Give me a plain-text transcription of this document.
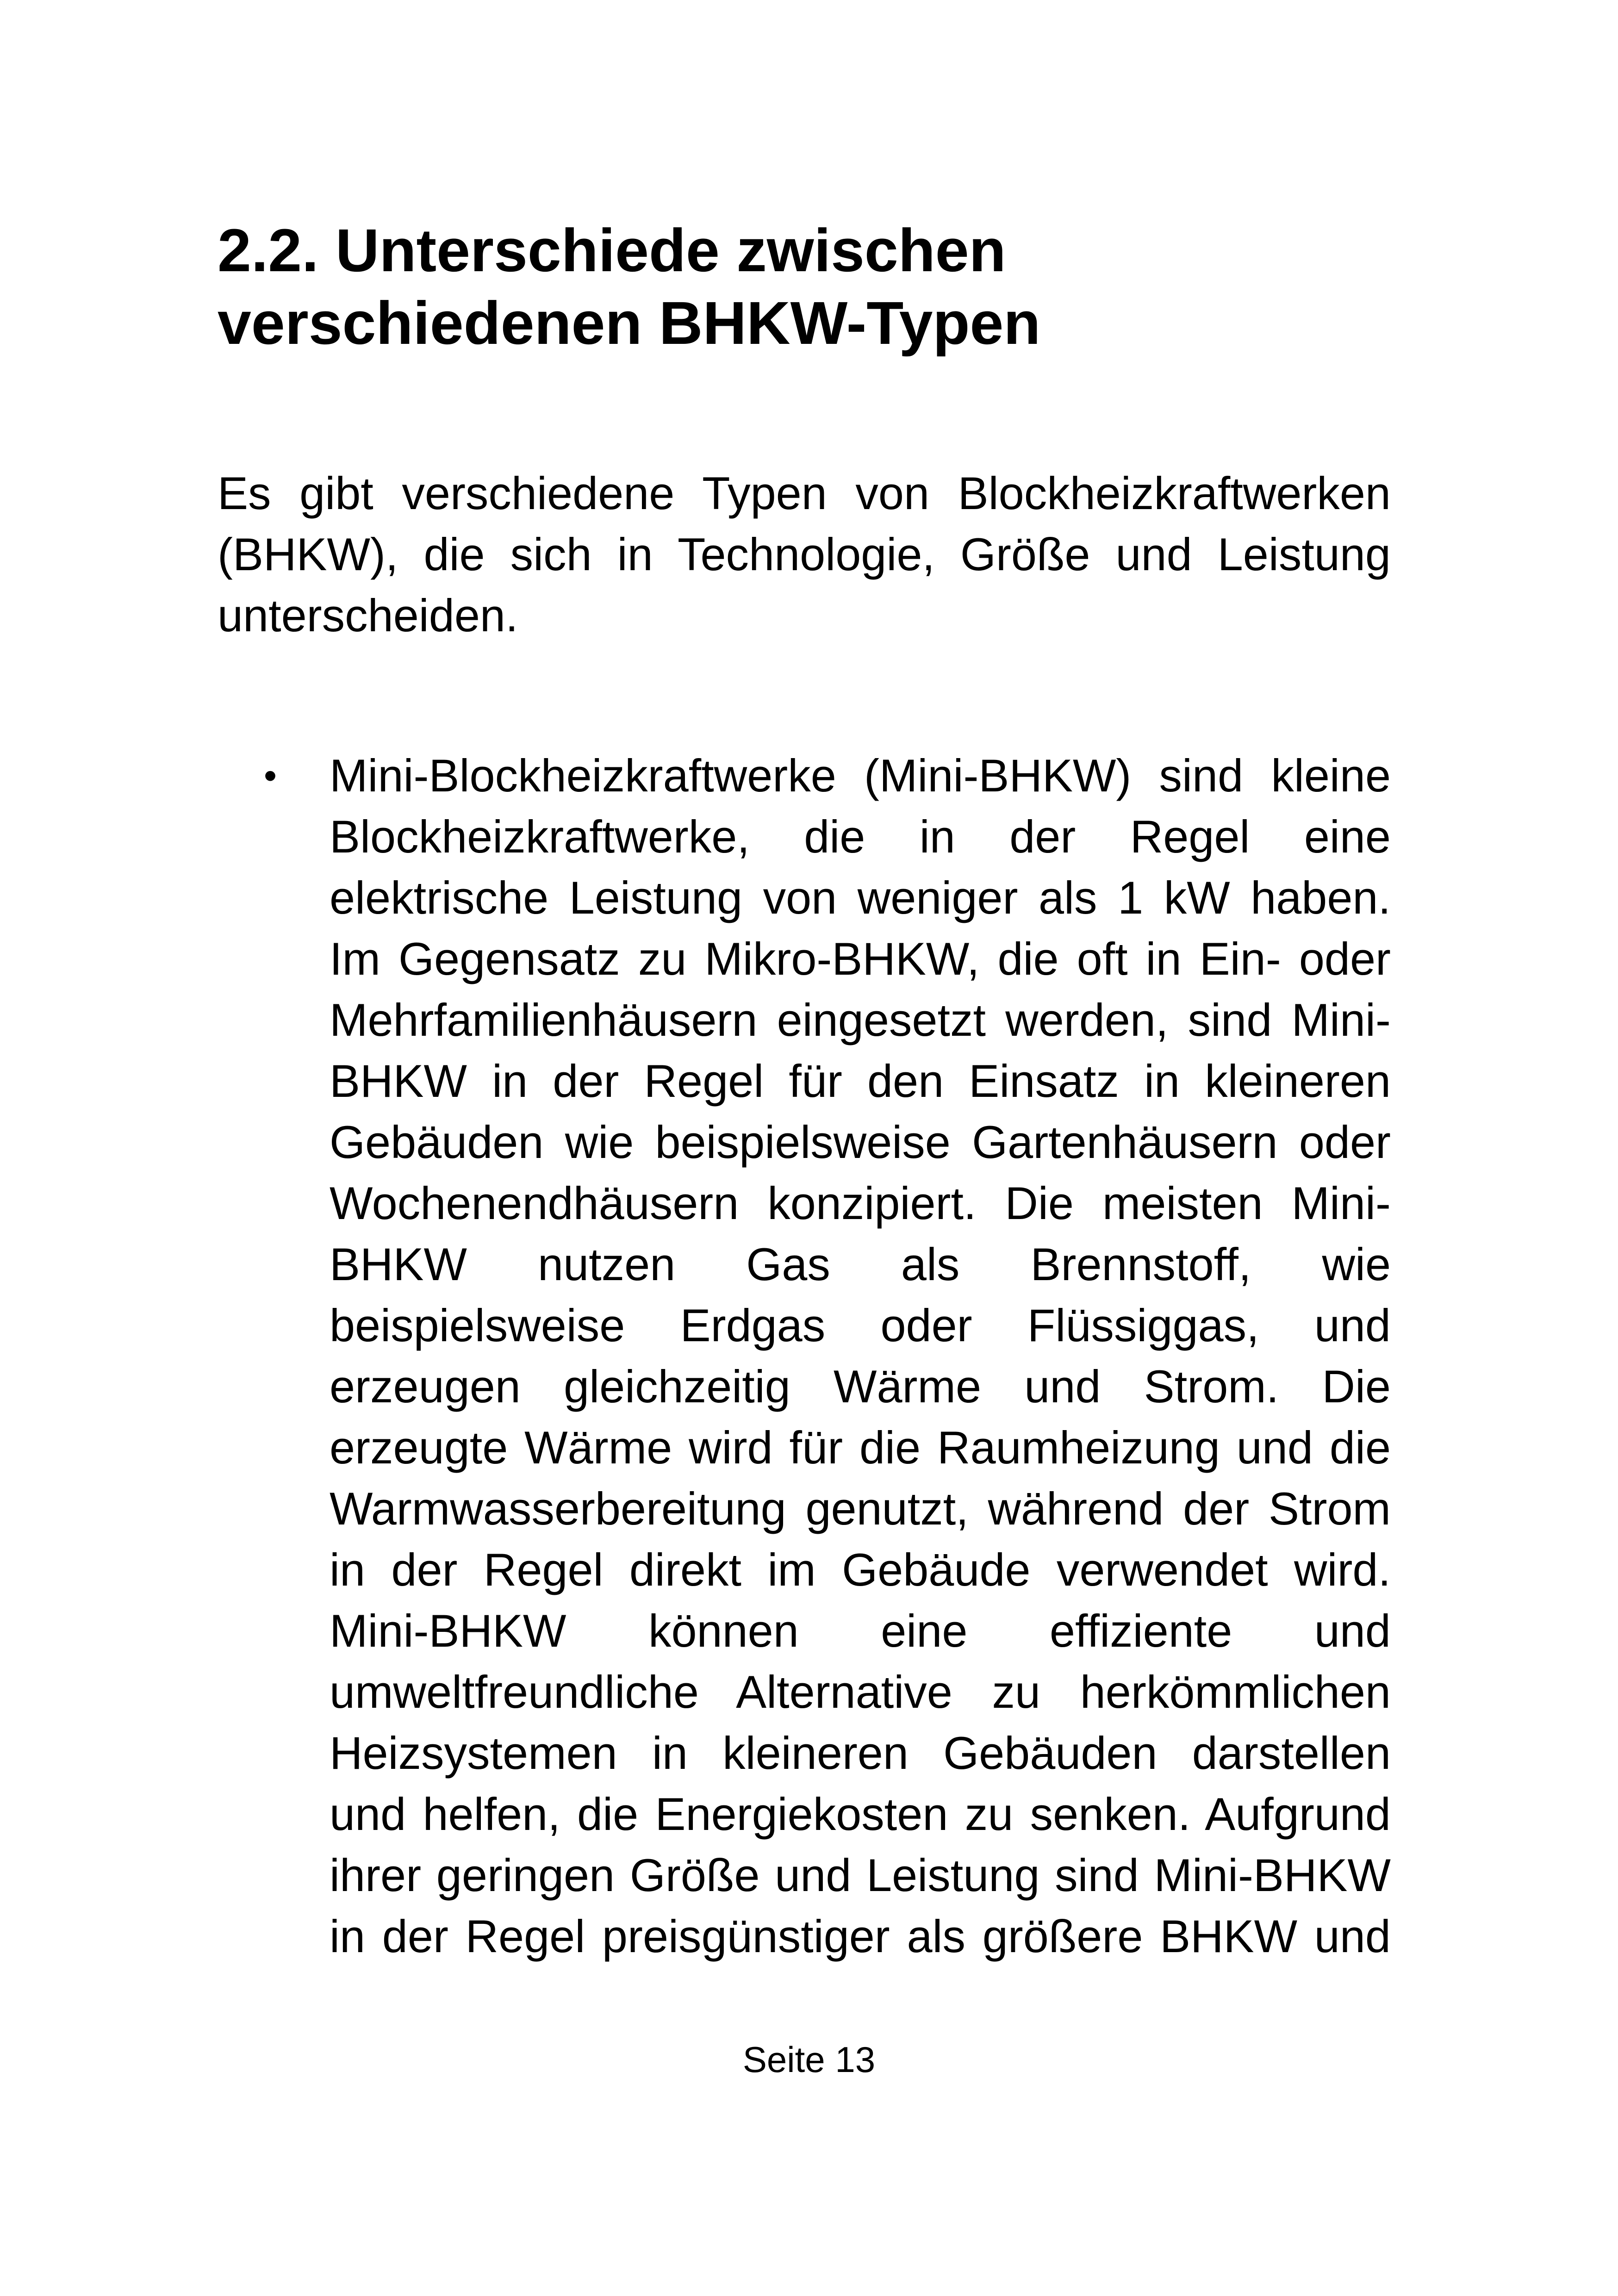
2.2. Unterschiede zwischen
verschiedenen BHKW-Typen

Es gibt verschiedene Typen von Blockheizkraftwerken (BHKW), die sich in Technologie, Größe und Leistung unterscheiden.

• Mini-Blockheizkraftwerke (Mini-BHKW) sind kleine Blockheizkraftwerke, die in der Regel eine elektrische Leistung von weniger als 1 kW haben. Im Gegensatz zu Mikro-BHKW, die oft in Ein- oder Mehrfamilienhäusern eingesetzt werden, sind Mini-BHKW in der Regel für den Einsatz in kleineren Gebäuden wie beispielsweise Gartenhäusern oder Wochenendhäusern konzipiert. Die meisten Mini-BHKW nutzen Gas als Brennstoff, wie beispielsweise Erdgas oder Flüssiggas, und erzeugen gleichzeitig Wärme und Strom. Die erzeugte Wärme wird für die Raumheizung und die Warmwasserbereitung genutzt, während der Strom in der Regel direkt im Gebäude verwendet wird. Mini-BHKW können eine effiziente und umweltfreundliche Alternative zu herkömmlichen Heizsystemen in kleineren Gebäuden darstellen und helfen, die Energiekosten zu senken. Aufgrund ihrer geringen Größe und Leistung sind Mini-BHKW in der Regel preisgünstiger als größere BHKW und
Seite 13
